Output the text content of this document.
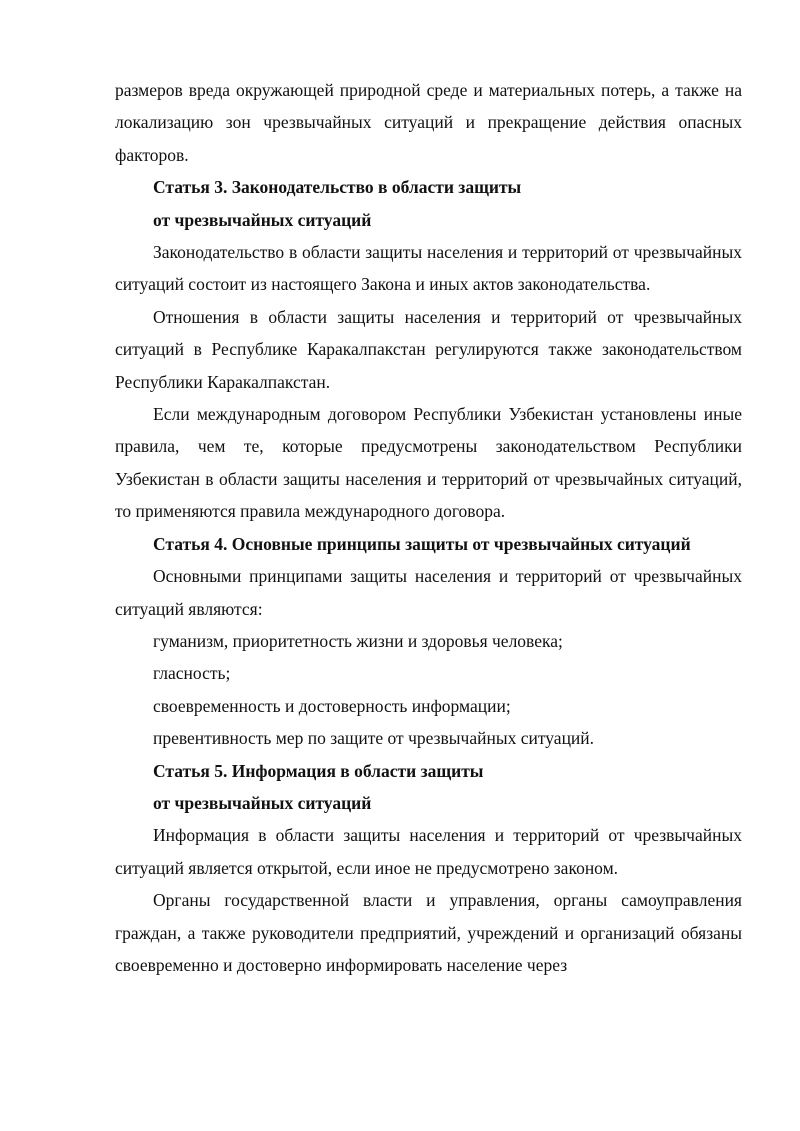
размеров вреда окружающей природной среде и материальных потерь, а также на локализацию зон чрезвычайных ситуаций и прекращение действия опасных факторов.

Статья 3. Законодательство в области защиты

от чрезвычайных ситуаций

Законодательство в области защиты населения и территорий от чрезвычайных ситуаций состоит из настоящего Закона и иных актов законодательства.

Отношения в области защиты населения и территорий от чрезвычайных ситуаций в Республике Каракалпакстан регулируются также законодательством Республики Каракалпакстан.

Если международным договором Республики Узбекистан установлены иные правила, чем те, которые предусмотрены законодательством Республики Узбекистан в области защиты населения и территорий от чрезвычайных ситуаций, то применяются правила международного договора.

Статья 4. Основные принципы защиты от чрезвычайных ситуаций

Основными принципами защиты населения и территорий от чрезвычайных ситуаций являются:

гуманизм, приоритетность жизни и здоровья человека;

гласность;

своевременность и достоверность информации;

превентивность мер по защите от чрезвычайных ситуаций.

Статья 5. Информация в области защиты

от чрезвычайных ситуаций

Информация в области защиты населения и территорий от чрезвычайных ситуаций является открытой, если иное не предусмотрено законом.

Органы государственной власти и управления, органы самоуправления граждан, а также руководители предприятий, учреждений и организаций обязаны своевременно и достоверно информировать население через
